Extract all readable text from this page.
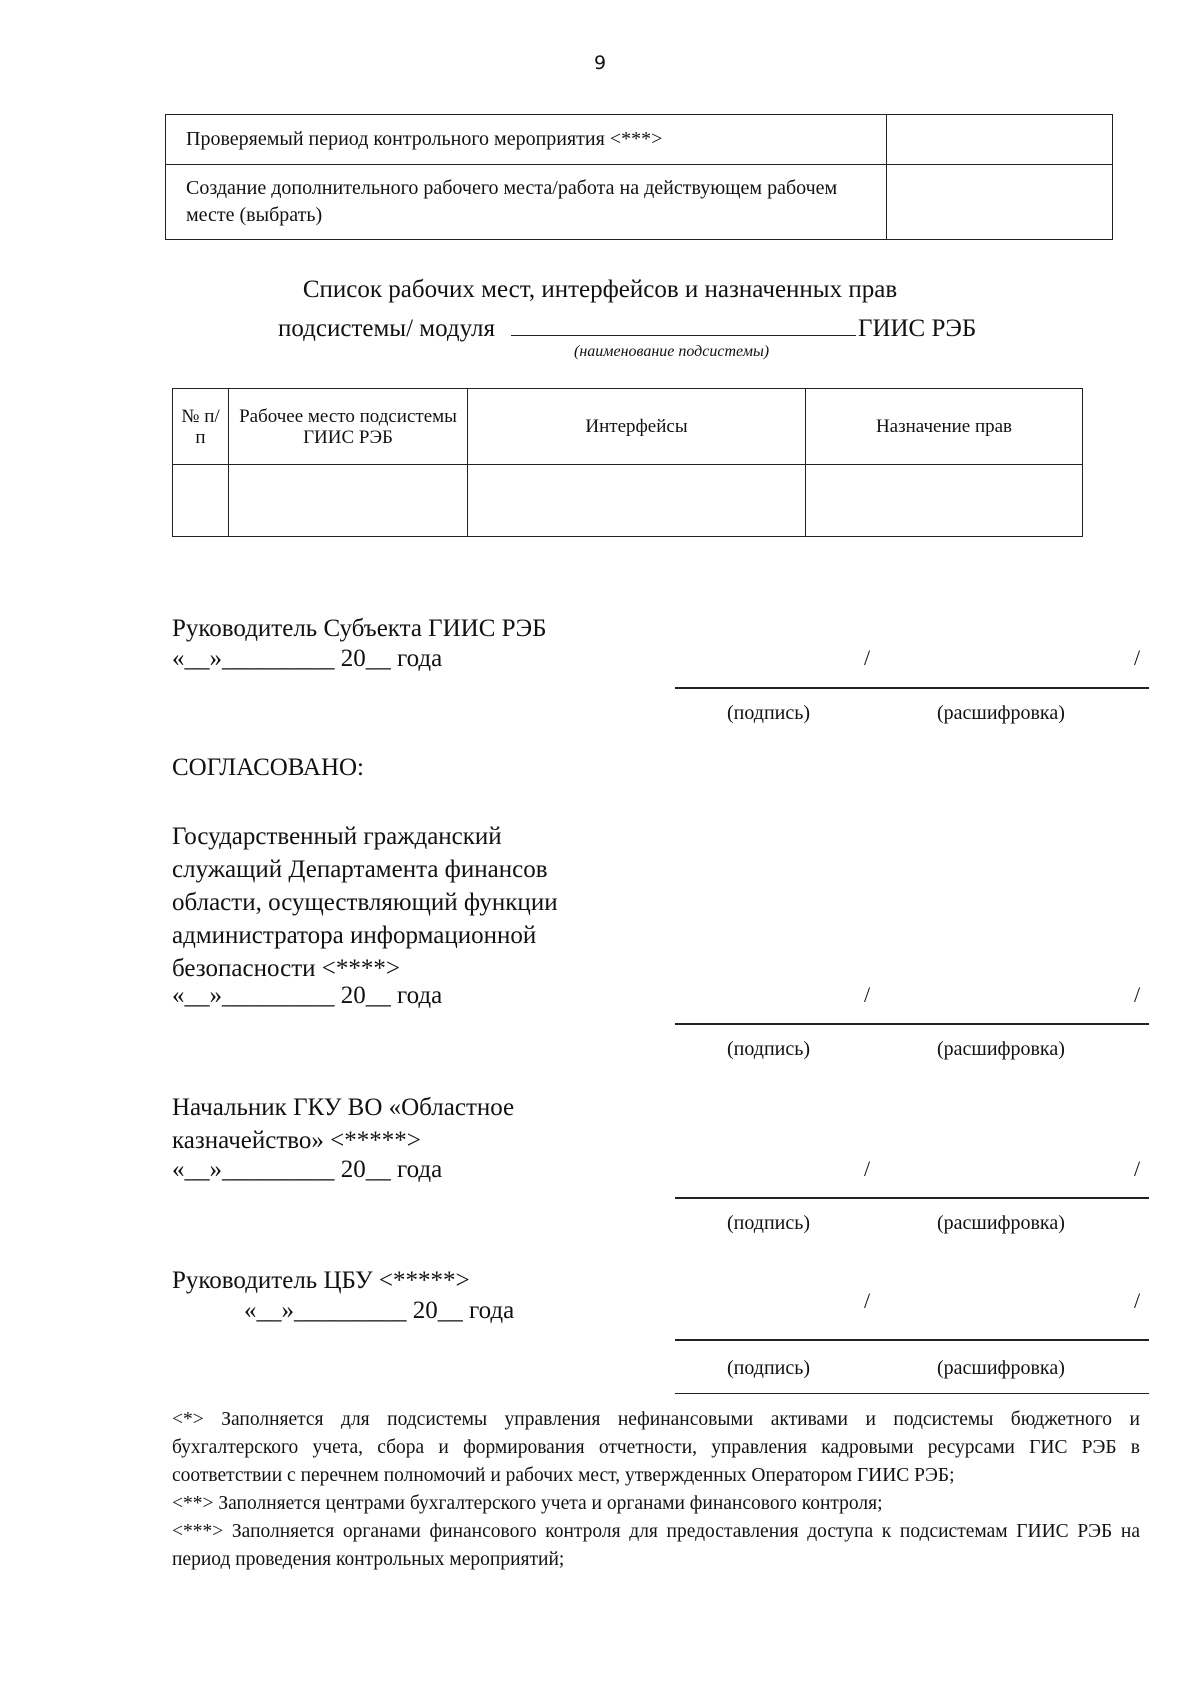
9
Проверяемый период контрольного мероприятия <***>	
Создание дополнительного рабочего места/работа на действующем рабочем месте (выбрать)	
Список рабочих мест, интерфейсов и назначенных прав
подсистемы/ модуля	ГИИС РЭБ
(наименование подсистемы)
№ п/п	Рабочее место подсистемы ГИИС РЭБ	Интерфейсы	Назначение прав

Руководитель Субъекта ГИИС РЭБ
«__»_________ 20__ года	/	/
(подпись)	(расшифровка)
СОГЛАСОВАНО:
Государственный гражданский
служащий Департамента финансов
области, осуществляющий функции
администратора информационной
безопасности <****>
«__»_________ 20__ года	/	/
(подпись)	(расшифровка)
Начальник ГКУ ВО «Областное
казначейство» <*****>
«__»_________ 20__ года	/	/
(подпись)	(расшифровка)
Руководитель ЦБУ <*****>
«__»_________ 20__ года	/	/
(подпись)	(расшифровка)

<*> Заполняется для подсистемы управления нефинансовыми активами и подсистемы бюджетного и бухгалтерского учета, сбора и формирования отчетности, управления кадровыми ресурсами ГИС РЭБ в соответствии с перечнем полномочий и рабочих мест, утвержденных Оператором ГИИС РЭБ;

<**> Заполняется центрами бухгалтерского учета и органами финансового контроля;

<***> Заполняется органами финансового контроля для предоставления доступа к подсистемам ГИИС РЭБ на период проведения контрольных мероприятий;
